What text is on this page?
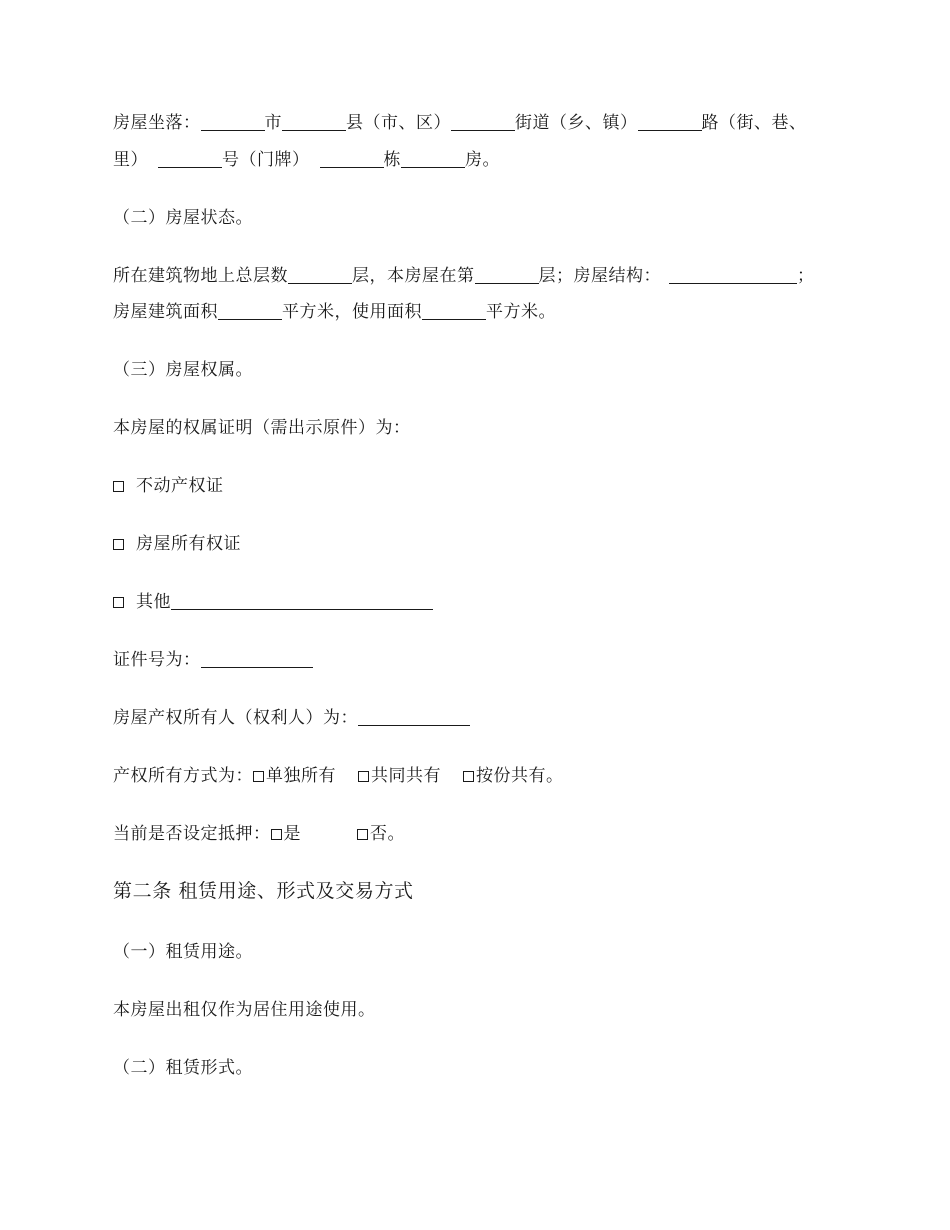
房屋坐落：	市	县（市、区）	街道（乡、镇）	路（街、巷、
里）	号（门牌）	栋	房。
（二）房屋状态。
所在建筑物地上总层数	层，本房屋在第	层；房屋结构：	；
房屋建筑面积	平方米，使用面积	平方米。
（三）房屋权属。
本房屋的权属证明（需出示原件）为：
不动产权证
房屋所有权证
其他
证件号为：
房屋产权所有人（权利人）为：
产权所有方式为： 单独所有 共同共有 按份共有。
当前是否设定抵押： 是	否。
第二条 租赁用途、形式及交易方式
（一）租赁用途。
本房屋出租仅作为居住用途使用。
（二）租赁形式。
